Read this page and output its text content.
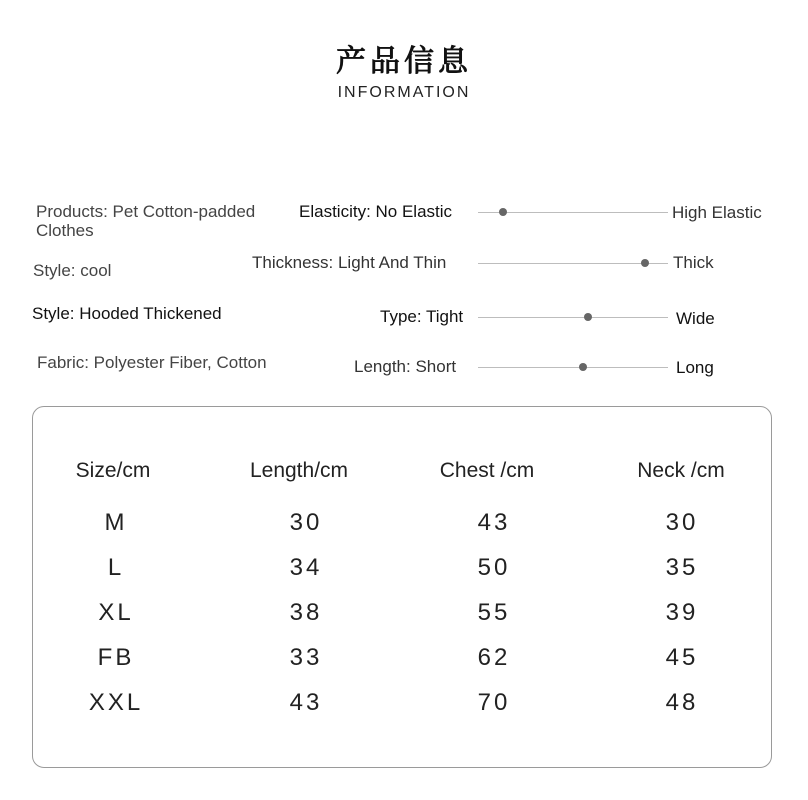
产品信息
INFORMATION
Products: Pet Cotton-padded Clothes
Style: cool
Style: Hooded Thickened
Fabric: Polyester Fiber, Cotton
Elasticity: No Elastic	High Elastic
Thickness: Light And Thin	Thick
Type: Tight	Wide
Length: Short	Long
Size/cm	Length/cm	Chest /cm	Neck /cm
M	30	43	30
L	34	50	35
XL	38	55	39
FB	33	62	45
XXL	43	70	48
